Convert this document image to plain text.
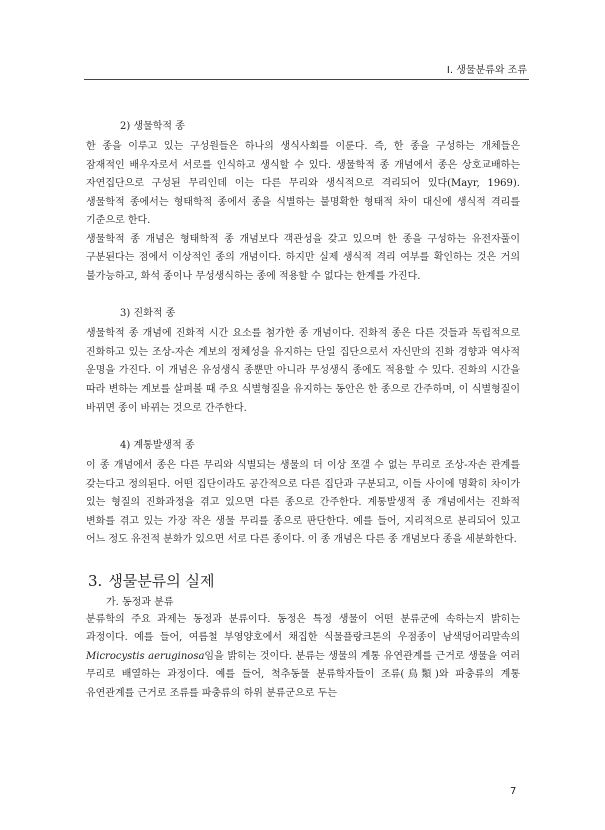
I. 생물분류와 조류
2) 생물학적 종

한 종을 이루고 있는 구성원들은 하나의 생식사회를 이룬다. 즉, 한 종을 구성하는 개체들은 잠재적인 배우자로서 서로를 인식하고 생식할 수 있다. 생물학적 종 개념에서 종은 상호교배하는 자연집단으로 구성된 무리인데 이는 다른 무리와 생식적으로 격리되어 있다(Mayr, 1969). 생물학적 종에서는 형태학적 종에서 종을 식별하는 불명확한 형태적 차이 대신에 생식적 격리를 기준으로 한다.

생물학적 종 개념은 형태학적 종 개념보다 객관성을 갖고 있으며 한 종을 구성하는 유전자풀이 구분된다는 점에서 이상적인 종의 개념이다. 하지만 실제 생식적 격리 여부를 확인하는 것은 거의 불가능하고, 화석 종이나 무성생식하는 종에 적용할 수 없다는 한계를 가진다.

3) 진화적 종

생물학적 종 개념에 진화적 시간 요소를 첨가한 종 개념이다. 진화적 종은 다른 것들과 독립적으로 진화하고 있는 조상-자손 계보의 정체성을 유지하는 단일 집단으로서 자신만의 진화 경향과 역사적 운명을 가진다. 이 개념은 유성생식 종뿐만 아니라 무성생식 종에도 적용할 수 있다. 진화의 시간을 따라 변하는 계보를 살펴볼 때 주요 식별형질을 유지하는 동안은 한 종으로 간주하며, 이 식별형질이 바뀌면 종이 바뀌는 것으로 간주한다.

4) 계통발생적 종

이 종 개념에서 종은 다른 무리와 식별되는 생물의 더 이상 쪼갤 수 없는 무리로 조상-자손 관계를 갖는다고 정의된다. 어떤 집단이라도 공간적으로 다른 집단과 구분되고, 이들 사이에 명확히 차이가 있는 형질의 진화과정을 겪고 있으면 다른 종으로 간주한다. 계통발생적 종 개념에서는 진화적 변화를 겪고 있는 가장 작은 생물 무리를 종으로 판단한다. 예를 들어, 지리적으로 분리되어 있고 어느 정도 유전적 분화가 있으면 서로 다른 종이다. 이 종 개념은 다른 종 개념보다 종을 세분화한다.

3. 생물분류의 실제
가. 동정과 분류

분류학의 주요 과제는 동정과 분류이다. 동정은 특정 생물이 어떤 분류군에 속하는지 밝히는 과정이다. 예를 들어, 여름철 부영양호에서 채집한 식물플랑크톤의 우점종이 남색덩어리말속의 Microcystis aeruginosa임을 밝히는 것이다. 분류는 생물의 계통 유연관계를 근거로 생물을 여러 무리로 배열하는 과정이다. 예를 들어, 척추동물 분류학자들이 조류(鳥類)와 파충류의 계통 유연관계를 근거로 조류를 파충류의 하위 분류군으로 두는

7
